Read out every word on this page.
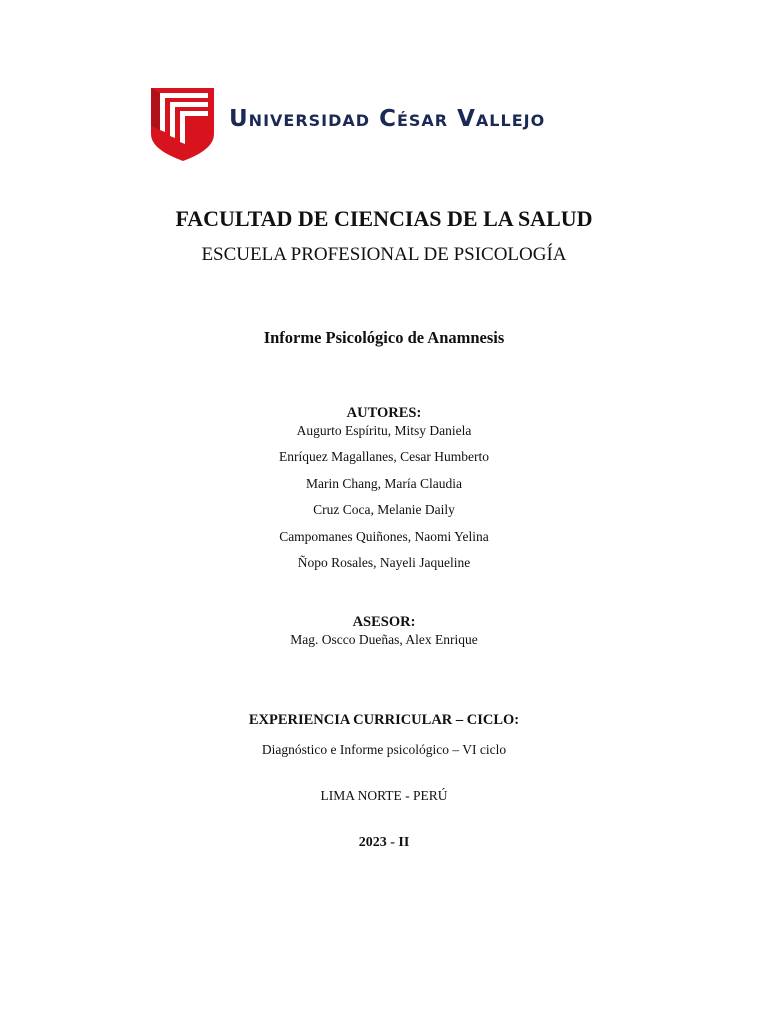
Universidad César Vallejo
FACULTAD DE CIENCIAS DE LA SALUD
ESCUELA PROFESIONAL DE PSICOLOGÍA
Informe Psicológico de Anamnesis
AUTORES:
Augurto Espíritu, Mitsy Daniela
Enríquez Magallanes, Cesar Humberto
Marin Chang, María Claudia
Cruz Coca, Melanie Daily
Campomanes Quiñones, Naomi Yelina
Ñopo Rosales, Nayeli Jaqueline
ASESOR:
Mag. Oscco Dueñas, Alex Enrique
EXPERIENCIA CURRICULAR – CICLO:
Diagnóstico e Informe psicológico – VI ciclo
LIMA NORTE - PERÚ
2023 - II
